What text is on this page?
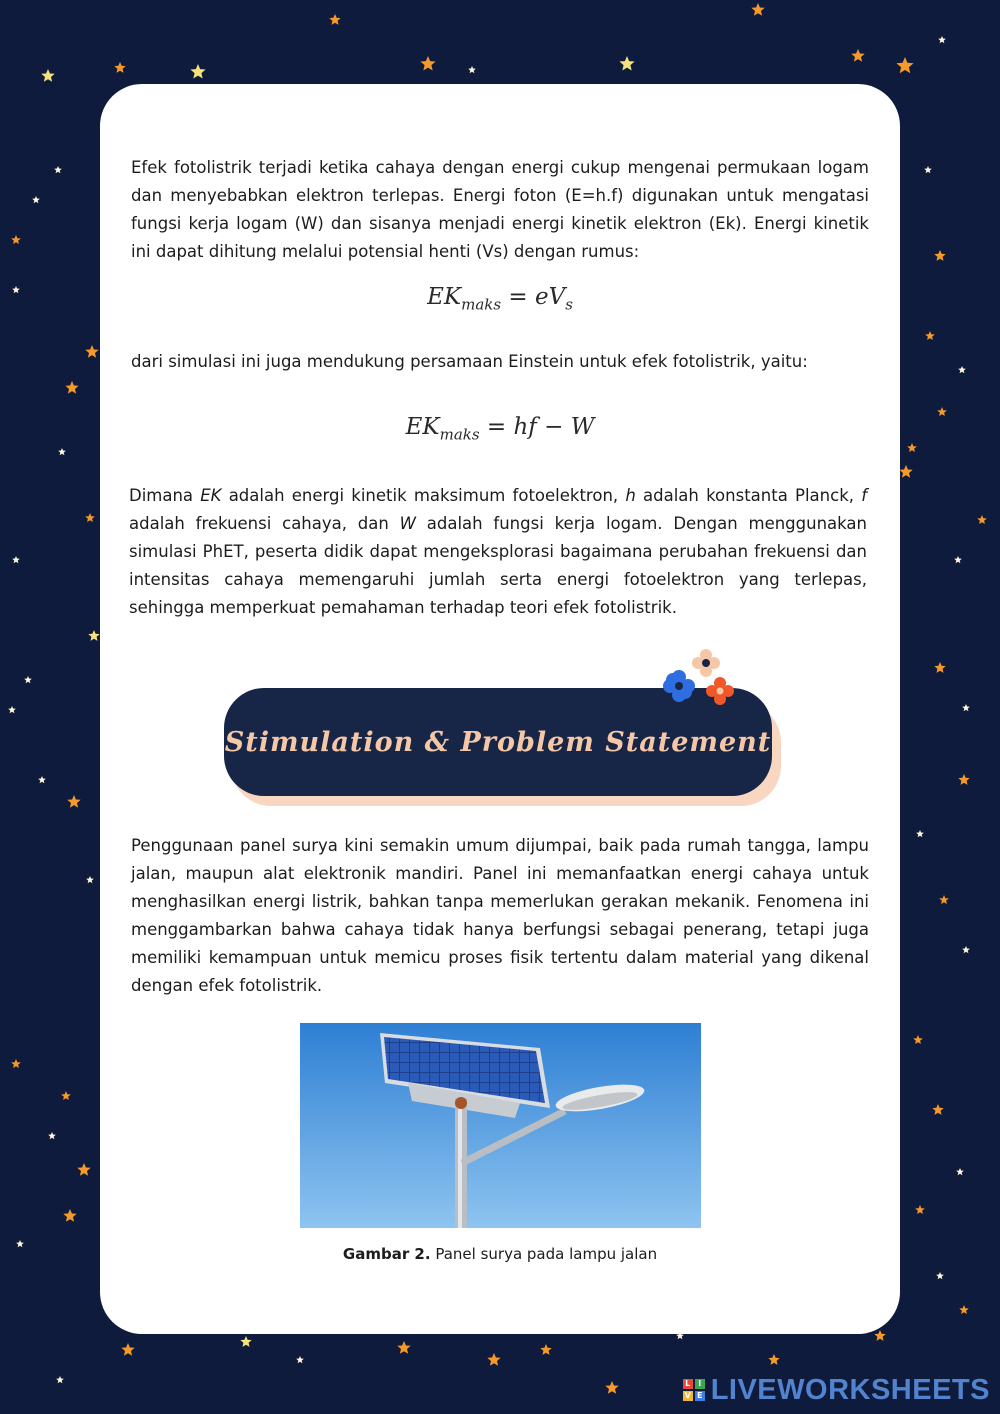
Efek fotolistrik terjadi ketika cahaya dengan energi cukup mengenai permukaan logam dan menyebabkan elektron terlepas. Energi foton (E=h.f) digunakan untuk mengatasi fungsi kerja logam (W) dan sisanya menjadi energi kinetik elektron (Ek). Energi kinetik ini dapat dihitung melalui potensial henti (Vs) dengan rumus:

$EK_{maks} = eV_s$

dari simulasi ini juga mendukung persamaan Einstein untuk efek fotolistrik, yaitu:

$EK_{maks}$ = hf − W

Dimana EK adalah energi kinetik maksimum fotoelektron, h adalah konstanta Planck, f adalah frekuensi cahaya, dan W adalah fungsi kerja logam. Dengan menggunakan simulasi PhET, peserta didik dapat mengeksplorasi bagaimana perubahan frekuensi dan intensitas cahaya memengaruhi jumlah serta energi fotoelektron yang terlepas, sehingga memperkuat pemahaman terhadap teori efek fotolistrik.

Stimulation & Problem Statement

Penggunaan panel surya kini semakin umum dijumpai, baik pada rumah tangga, lampu jalan, maupun alat elektronik mandiri. Panel ini memanfaatkan energi cahaya untuk menghasilkan energi listrik, bahkan tanpa memerlukan gerakan mekanik. Fenomena ini menggambarkan bahwa cahaya tidak hanya berfungsi sebagai penerang, tetapi juga memiliki kemampuan untuk memicu proses fisik tertentu dalam material yang dikenal dengan efek fotolistrik.

Gambar 2. Panel surya pada lampu jalan
L I
V E LIVEWORKSHEETS
